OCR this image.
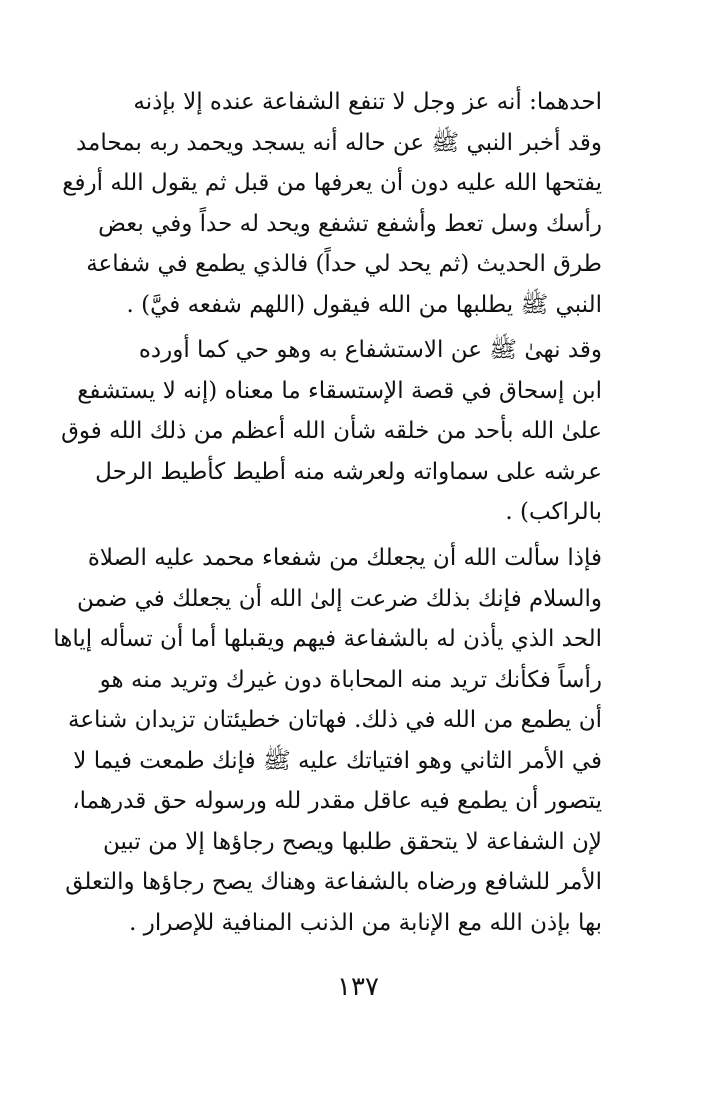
احدهما: أنه عز وجل لا تنفع الشفاعة عنده إلا بإذنه
وقد أخبر النبي ﷺ عن حاله أنه يسجد ويحمد ربه بمحامد
يفتحها الله عليه دون أن يعرفها من قبل ثم يقول الله أرفع
رأسك وسل تعط وأشفع تشفع ويحد له حداً وفي بعض
طرق الحديث (ثم يحد لي حداً) فالذي يطمع في شفاعة
النبي ﷺ يطلبها من الله فيقول (اللهم شفعه فيَّ) .

وقد نهىٰ ﷺ عن الاستشفاع به وهو حي كما أورده
ابن إسحاق في قصة الإستسقاء ما معناه (إنه لا يستشفع
علىٰ الله بأحد من خلقه شأن الله أعظم من ذلك الله فوق
عرشه على سماواته ولعرشه منه أطيط كأطيط الرحل
بالراكب) .

فإذا سألت الله أن يجعلك من شفعاء محمد عليه الصلاة
والسلام فإنك بذلك ضرعت إلىٰ الله أن يجعلك في ضمن
الحد الذي يأذن له بالشفاعة فيهم ويقبلها أما أن تسأله إياها
رأساً فكأنك تريد منه المحاباة دون غيرك وتريد منه هو
أن يطمع من الله في ذلك. فهاتان خطيئتان تزيدان شناعة
في الأمر الثاني وهو افتياتك عليه ﷺ فإنك طمعت فيما لا
يتصور أن يطمع فيه عاقل مقدر لله ورسوله حق قدرهما،
لإن الشفاعة لا يتحقق طلبها ويصح رجاؤها إلا من تبين
الأمر للشافع ورضاه بالشفاعة وهناك يصح رجاؤها والتعلق
بها بإذن الله مع الإنابة من الذنب المنافية للإصرار .

١٣٧
